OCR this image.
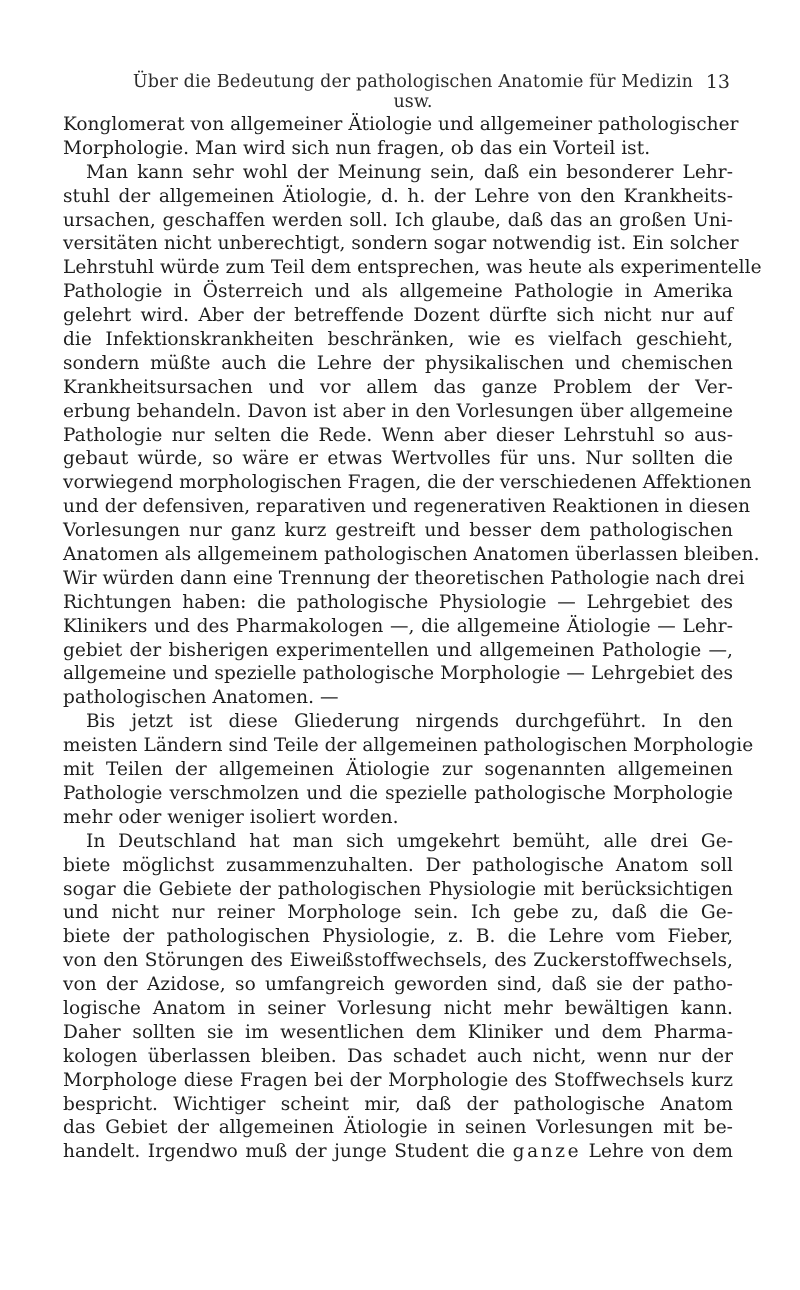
Über die Bedeutung der pathologischen Anatomie für Medizin usw.
13
Konglomerat von allgemeiner Ätiologie und allgemeiner pathologischer
Morphologie. Man wird sich nun fragen, ob das ein Vorteil ist.
Man kann sehr wohl der Meinung sein, daß ein besonderer Lehr-
stuhl der allgemeinen Ätiologie, d. h. der Lehre von den Krankheits-
ursachen, geschaffen werden soll. Ich glaube, daß das an großen Uni-
versitäten nicht unberechtigt, sondern sogar notwendig ist. Ein solcher
Lehrstuhl würde zum Teil dem entsprechen, was heute als experimentelle
Pathologie in Österreich und als allgemeine Pathologie in Amerika
gelehrt wird. Aber der betreffende Dozent dürfte sich nicht nur auf
die Infektionskrankheiten beschränken, wie es vielfach geschieht,
sondern müßte auch die Lehre der physikalischen und chemischen
Krankheitsursachen und vor allem das ganze Problem der Ver-
erbung behandeln. Davon ist aber in den Vorlesungen über allgemeine
Pathologie nur selten die Rede. Wenn aber dieser Lehrstuhl so aus-
gebaut würde, so wäre er etwas Wertvolles für uns. Nur sollten die
vorwiegend morphologischen Fragen, die der verschiedenen Affektionen
und der defensiven, reparativen und regenerativen Reaktionen in diesen
Vorlesungen nur ganz kurz gestreift und besser dem pathologischen
Anatomen als allgemeinem pathologischen Anatomen überlassen bleiben.
Wir würden dann eine Trennung der theoretischen Pathologie nach drei
Richtungen haben: die pathologische Physiologie — Lehrgebiet des
Klinikers und des Pharmakologen —, die allgemeine Ätiologie — Lehr-
gebiet der bisherigen experimentellen und allgemeinen Pathologie —,
allgemeine und spezielle pathologische Morphologie — Lehrgebiet des
pathologischen Anatomen. —
Bis jetzt ist diese Gliederung nirgends durchgeführt. In den
meisten Ländern sind Teile der allgemeinen pathologischen Morphologie
mit Teilen der allgemeinen Ätiologie zur sogenannten allgemeinen
Pathologie verschmolzen und die spezielle pathologische Morphologie
mehr oder weniger isoliert worden.
In Deutschland hat man sich umgekehrt bemüht, alle drei Ge-
biete möglichst zusammenzuhalten. Der pathologische Anatom soll
sogar die Gebiete der pathologischen Physiologie mit berücksichtigen
und nicht nur reiner Morphologe sein. Ich gebe zu, daß die Ge-
biete der pathologischen Physiologie, z. B. die Lehre vom Fieber,
von den Störungen des Eiweißstoffwechsels, des Zuckerstoffwechsels,
von der Azidose, so umfangreich geworden sind, daß sie der patho-
logische Anatom in seiner Vorlesung nicht mehr bewältigen kann.
Daher sollten sie im wesentlichen dem Kliniker und dem Pharma-
kologen überlassen bleiben. Das schadet auch nicht, wenn nur der
Morphologe diese Fragen bei der Morphologie des Stoffwechsels kurz
bespricht. Wichtiger scheint mir, daß der pathologische Anatom
das Gebiet der allgemeinen Ätiologie in seinen Vorlesungen mit be-
handelt. Irgendwo muß der junge Student die ganze Lehre von dem
